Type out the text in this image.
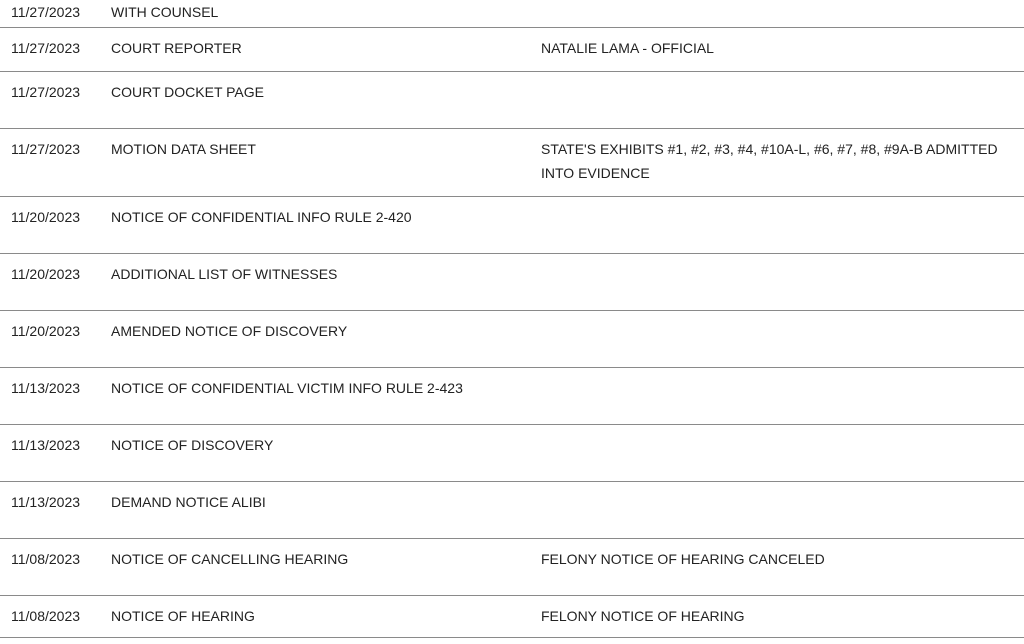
11/27/2023 WITH COUNSEL
11/27/2023 COURT REPORTER	NATALIE LAMA - OFFICIAL
11/27/2023 COURT DOCKET PAGE
11/27/2023 MOTION DATA SHEET	STATE'S EXHIBITS #1, #2, #3, #4, #10A-L, #6, #7, #8, #9A-B ADMITTED INTO EVIDENCE
11/20/2023 NOTICE OF CONFIDENTIAL INFO RULE 2-420
11/20/2023 ADDITIONAL LIST OF WITNESSES
11/20/2023 AMENDED NOTICE OF DISCOVERY
11/13/2023 NOTICE OF CONFIDENTIAL VICTIM INFO RULE 2-423
11/13/2023 NOTICE OF DISCOVERY
11/13/2023 DEMAND NOTICE ALIBI
11/08/2023 NOTICE OF CANCELLING HEARING	FELONY NOTICE OF HEARING CANCELED
11/08/2023 NOTICE OF HEARING	FELONY NOTICE OF HEARING
